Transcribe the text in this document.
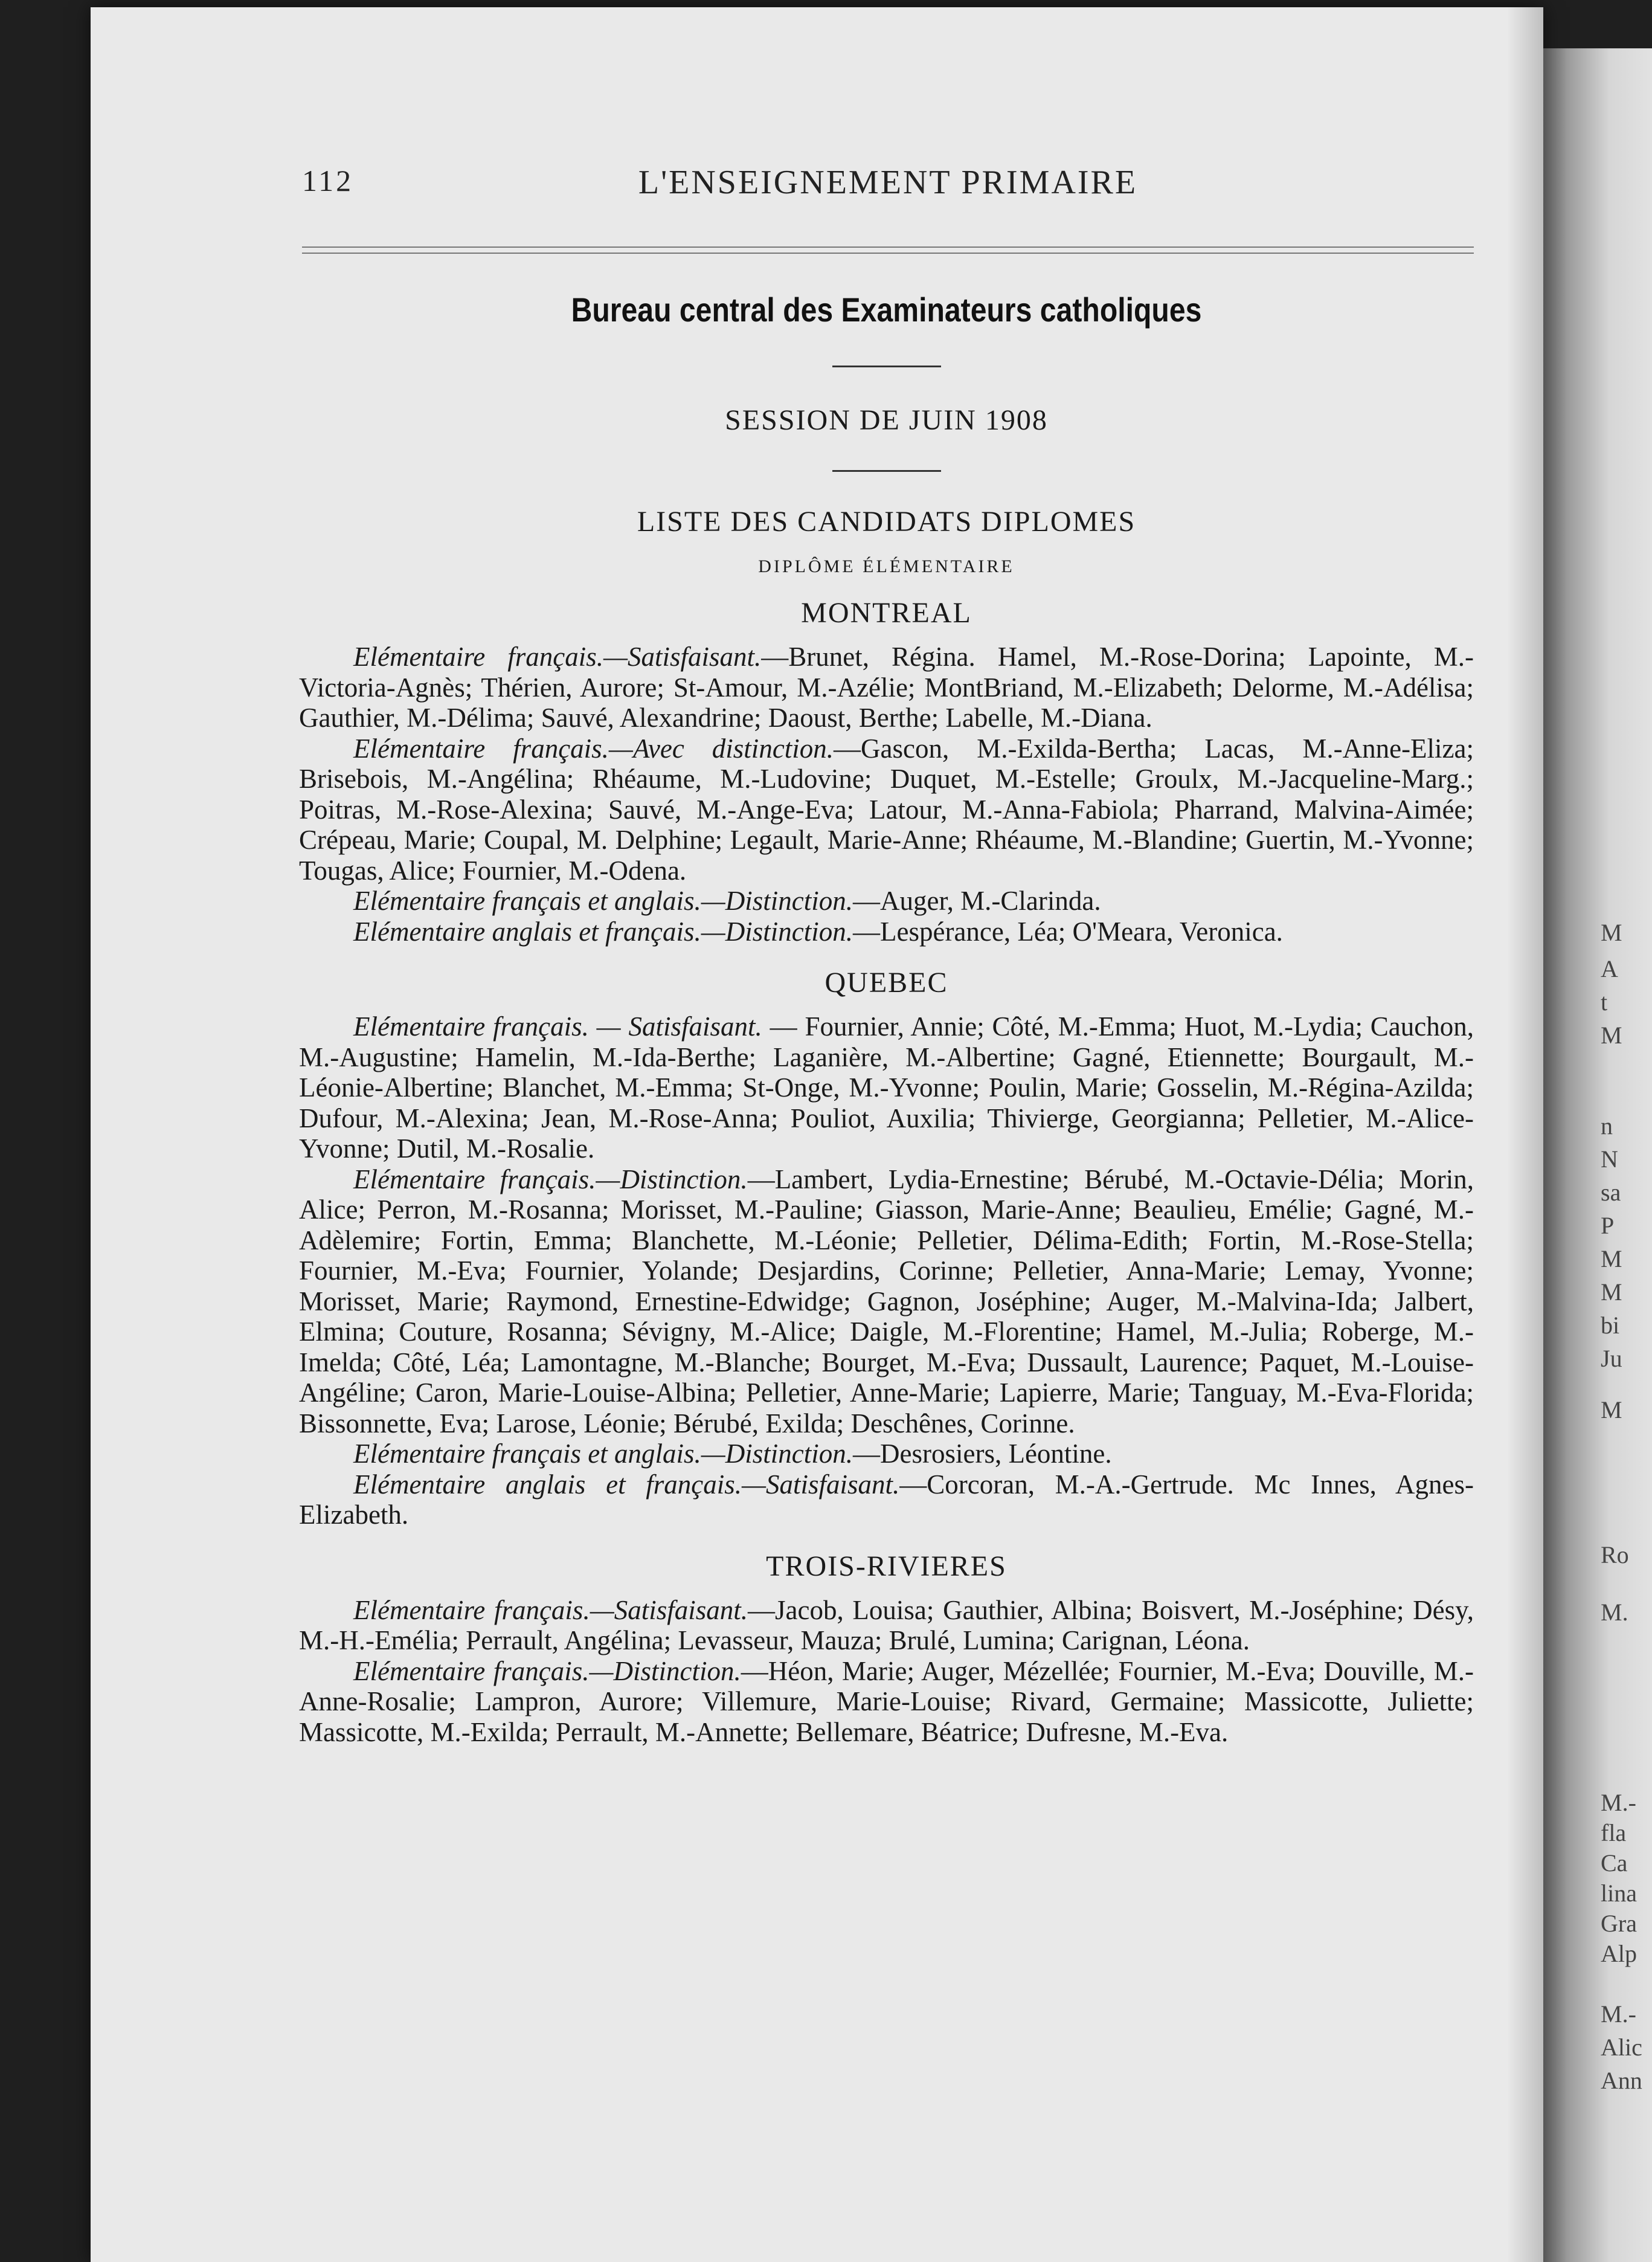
M
A
t
M
n
N
sa
P
M
M
bi
Ju
M
Ro
M.
M.-
fla
Ca
lina
Gra
Alp
M.-
Alic
Ann
112	L'ENSEIGNEMENT PRIMAIRE
Bureau central des Examinateurs catholiques
SESSION DE JUIN 1908
LISTE DES CANDIDATS DIPLOMES
DIPLÔME ÉLÉMENTAIRE
MONTREAL

Elémentaire français.—Satisfaisant.—Brunet, Régina. Hamel, M.-Rose-Dorina; Lapointe, M.-Victoria-Agnès; Thérien, Aurore; St-Amour, M.-Azélie; MontBriand, M.-Elizabeth; Delorme, M.-Adélisa; Gauthier, M.-Délima; Sauvé, Alexandrine; Daoust, Berthe; Labelle, M.-Diana.

Elémentaire français.—Avec distinction.—Gascon, M.-Exilda-Bertha; Lacas, M.-Anne-Eliza; Brisebois, M.-Angélina; Rhéaume, M.-Ludovine; Duquet, M.-Estelle; Groulx, M.-Jacqueline-Marg.; Poitras, M.-Rose-Alexina; Sauvé, M.-Ange-Eva; Latour, M.-Anna-Fabiola; Pharrand, Malvina-Aimée; Crépeau, Marie; Coupal, M. Delphine; Legault, Marie-Anne; Rhéaume, M.-Blandine; Guertin, M.-Yvonne; Tougas, Alice; Fournier, M.-Odena.

Elémentaire français et anglais.—Distinction.—Auger, M.-Clarinda.

Elémentaire anglais et français.—Distinction.—Lespérance, Léa; O'Meara, Veronica.

QUEBEC

Elémentaire français. — Satisfaisant. — Fournier, Annie; Côté, M.-Emma; Huot, M.-Lydia; Cauchon, M.-Augustine; Hamelin, M.-Ida-Berthe; Laganière, M.-Albertine; Gagné, Etiennette; Bourgault, M.-Léonie-Albertine; Blanchet, M.-Emma; St-Onge, M.-Yvonne; Poulin, Marie; Gosselin, M.-Régina-Azilda; Dufour, M.-Alexina; Jean, M.-Rose-Anna; Pouliot, Auxilia; Thivierge, Georgianna; Pelletier, M.-Alice-Yvonne; Dutil, M.-Rosalie.

Elémentaire français.—Distinction.—Lambert, Lydia-Ernestine; Bérubé, M.-Octavie-Délia; Morin, Alice; Perron, M.-Rosanna; Morisset, M.-Pauline; Giasson, Marie-Anne; Beaulieu, Emélie; Gagné, M.-Adèlemire; Fortin, Emma; Blanchette, M.-Léonie; Pelletier, Délima-Edith; Fortin, M.-Rose-Stella; Fournier, M.-Eva; Fournier, Yolande; Desjardins, Corinne; Pelletier, Anna-Marie; Lemay, Yvonne; Morisset, Marie; Raymond, Ernestine-Edwidge; Gagnon, Joséphine; Auger, M.-Malvina-Ida; Jalbert, Elmina; Couture, Rosanna; Sévigny, M.-Alice; Daigle, M.-Florentine; Hamel, M.-Julia; Roberge, M.-Imelda; Côté, Léa; Lamontagne, M.-Blanche; Bourget, M.-Eva; Dussault, Laurence; Paquet, M.-Louise-Angéline; Caron, Marie-Louise-Albina; Pelletier, Anne-Marie; Lapierre, Marie; Tanguay, M.-Eva-Florida; Bissonnette, Eva; Larose, Léonie; Bérubé, Exilda; Deschênes, Corinne.

Elémentaire français et anglais.—Distinction.—Desrosiers, Léontine.

Elémentaire anglais et français.—Satisfaisant.—Corcoran, M.-A.-Gertrude. Mc Innes, Agnes-Elizabeth.

TROIS-RIVIERES

Elémentaire français.—Satisfaisant.—Jacob, Louisa; Gauthier, Albina; Boisvert, M.-Joséphine; Désy, M.-H.-Emélia; Perrault, Angélina; Levasseur, Mauza; Brulé, Lumina; Carignan, Léona.

Elémentaire français.—Distinction.—Héon, Marie; Auger, Mézellée; Fournier, M.-Eva; Douville, M.-Anne-Rosalie; Lampron, Aurore; Villemure, Marie-Louise; Rivard, Germaine; Massicotte, Juliette; Massicotte, M.-Exilda; Perrault, M.-Annette; Bellemare, Béatrice; Dufresne, M.-Eva.
